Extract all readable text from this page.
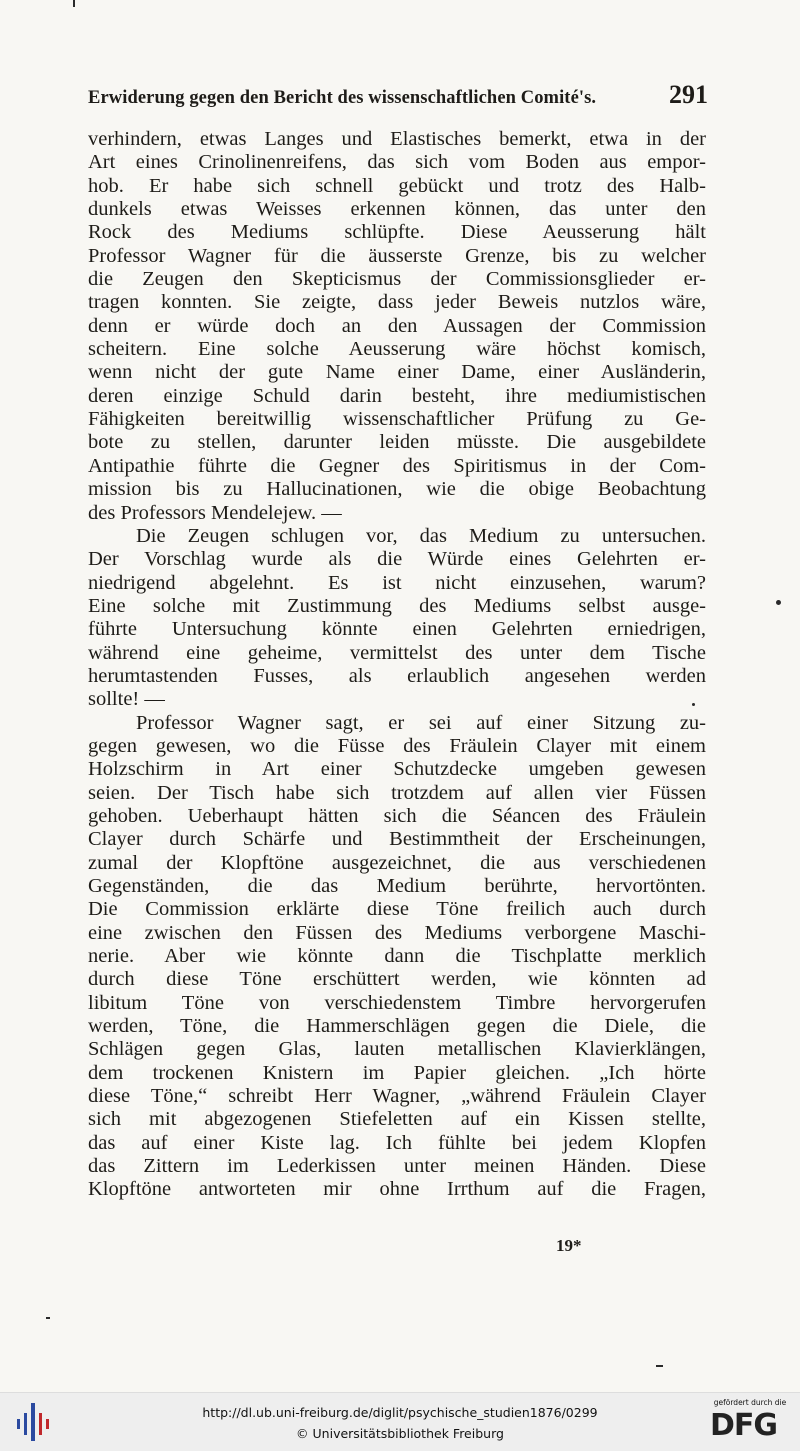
Erwiderung gegen den Bericht des wissenschaftlichen Comité's.	291
verhindern, etwas Langes und Elastisches bemerkt, etwa in der
Art eines Crinolinenreifens, das sich vom Boden aus empor-
hob. Er habe sich schnell gebückt und trotz des Halb-
dunkels etwas Weisses erkennen können, das unter den
Rock des Mediums schlüpfte. Diese Aeusserung hält
Professor Wagner für die äusserste Grenze, bis zu welcher
die Zeugen den Skepticismus der Commissionsglieder er-
tragen konnten. Sie zeigte, dass jeder Beweis nutzlos wäre,
denn er würde doch an den Aussagen der Commission
scheitern. Eine solche Aeusserung wäre höchst komisch,
wenn nicht der gute Name einer Dame, einer Ausländerin,
deren einzige Schuld darin besteht, ihre mediumistischen
Fähigkeiten bereitwillig wissenschaftlicher Prüfung zu Ge-
bote zu stellen, darunter leiden müsste. Die ausgebildete
Antipathie führte die Gegner des Spiritismus in der Com-
mission bis zu Hallucinationen, wie die obige Beobachtung
des Professors Mendelejew. —
Die Zeugen schlugen vor, das Medium zu untersuchen.
Der Vorschlag wurde als die Würde eines Gelehrten er-
niedrigend abgelehnt. Es ist nicht einzusehen, warum?
Eine solche mit Zustimmung des Mediums selbst ausge-
führte Untersuchung könnte einen Gelehrten erniedrigen,
während eine geheime, vermittelst des unter dem Tische
herumtastenden Fusses, als erlaublich angesehen werden
sollte! —
Professor Wagner sagt, er sei auf einer Sitzung zu-
gegen gewesen, wo die Füsse des Fräulein Clayer mit einem
Holzschirm in Art einer Schutzdecke umgeben gewesen
seien. Der Tisch habe sich trotzdem auf allen vier Füssen
gehoben. Ueberhaupt hätten sich die Séancen des Fräulein
Clayer durch Schärfe und Bestimmtheit der Erscheinungen,
zumal der Klopftöne ausgezeichnet, die aus verschiedenen
Gegenständen, die das Medium berührte, hervortönten.
Die Commission erklärte diese Töne freilich auch durch
eine zwischen den Füssen des Mediums verborgene Maschi-
nerie. Aber wie könnte dann die Tischplatte merklich
durch diese Töne erschüttert werden, wie könnten ad
libitum Töne von verschiedenstem Timbre hervorgerufen
werden, Töne, die Hammerschlägen gegen die Diele, die
Schlägen gegen Glas, lauten metallischen Klavierklängen,
dem trockenen Knistern im Papier gleichen. „Ich hörte
diese Töne,“ schreibt Herr Wagner, „während Fräulein Clayer
sich mit abgezogenen Stiefeletten auf ein Kissen stellte,
das auf einer Kiste lag. Ich fühlte bei jedem Klopfen
das Zittern im Lederkissen unter meinen Händen. Diese
Klopftöne antworteten mir ohne Irrthum auf die Fragen,
19*
http://dl.ub.uni-freiburg.de/diglit/psychische_studien1876/0299
© Universitätsbibliothek Freiburg
gefördert durch die
DFG
